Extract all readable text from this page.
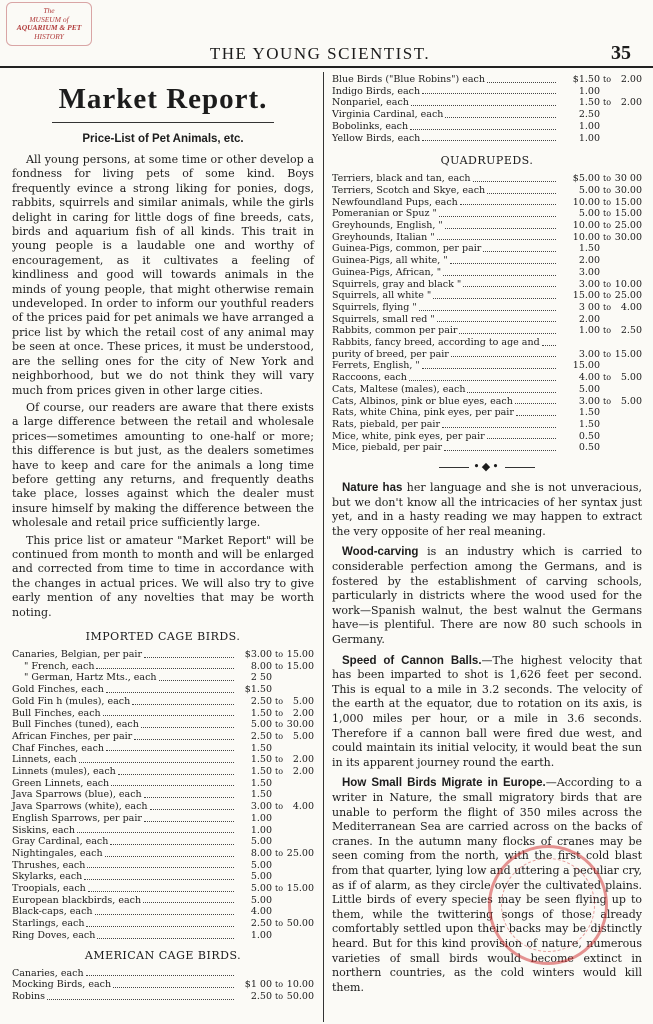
The
MUSEUM of
AQUARIUM & PET
HISTORY
THE YOUNG SCIENTIST.	35
Market Report.
Price-List of Pet Animals, etc.

All young persons, at some time or other develop a fondness for living pets of some kind. Boys frequently evince a strong liking for ponies, dogs, rabbits, squirrels and similar animals, while the girls delight in caring for little dogs of fine breeds, cats, birds and aquarium fish of all kinds. This trait in young people is a laudable one and worthy of encouragement, as it cultivates a feeling of kindliness and good will towards animals in the minds of young people, that might otherwise remain undeveloped. In order to inform our youthful readers of the prices paid for pet animals we have arranged a price list by which the retail cost of any animal may be seen at once. These prices, it must be understood, are the selling ones for the city of New York and neighborhood, but we do not think they will vary much from prices given in other large cities.

Of course, our readers are aware that there exists a large difference between the retail and wholesale prices—sometimes amounting to one-half or more; this difference is but just, as the dealers sometimes have to keep and care for the animals a long time before getting any returns, and frequently deaths take place, losses against which the dealer must insure himself by making the difference between the wholesale and retail price sufficiently large.

This price list or amateur "Market Report" will be continued from month to month and will be enlarged and corrected from time to time in accordance with the changes in actual prices. We will also try to give early mention of any novelties that may be worth noting.

IMPORTED CAGE BIRDS.
Canaries, Belgian, per pair	$3.00 to 15.00
" French, each	8.00 to 15.00
" German, Hartz Mts., each	2 50
Gold Finches, each	$1.50
Gold Fin h (mules), each	2.50 to	5.00
Bull Finches, each	1.50 to	2.00
Bull Finches (tuned), each	5.00 to 30.00
African Finches, per pair	2.50 to	5.00
Chaf Finches, each	1.50
Linnets, each	1.50 to	2.00
Linnets (mules), each	1.50 to	2.00
Green Linnets, each	1.50
Java Sparrows (blue), each	1.50
Java Sparrows (white), each	3.00 to	4.00
English Sparrows, per pair	1.00
Siskins, each	1.00
Gray Cardinal, each	5.00
Nightingales, each	8.00 to 25.00
Thrushes, each	5.00
Skylarks, each	5.00
Troopials, each	5.00 to 15.00
European blackbirds, each	5.00
Black-caps, each	4.00
Starlings, each	2.50 to 50.00
Ring Doves, each	1.00
AMERICAN CAGE BIRDS.
Canaries, each
Mocking Birds, each	$1 00 to 10.00
Robins	2.50 to 50.00
Blue Birds ("Blue Robins") each	$1.50 to	2.00
Indigo Birds, each	1.00
Nonpariel, each	1.50 to	2.00
Virginia Cardinal, each	2.50
Bobolinks, each	1.00
Yellow Birds, each	1.00
QUADRUPEDS.
Terriers, black and tan, each	$5.00 to 30 00
Terriers, Scotch and Skye, each	5.00 to 30.00
Newfoundland Pups, each	10.00 to 15.00
Pomeranian or Spuz "	5.00 to 15.00
Greyhounds, English, "	10.00 to 25.00
Greyhounds, Italian "	10.00 to 30.00
Guinea-Pigs, common, per pair	1.50
Guinea-Pigs, all white, "	2.00
Guinea-Pigs, African, "	3.00
Squirrels, gray and black "	3.00 to 10.00
Squirrels, all white "	15.00 to 25.00
Squirrels, flying "	3 00 to	4.00
Squirrels, small red "	2.00
Rabbits, common per pair	1.00 to	2.50
Rabbits, fancy breed, according to age and
purity of breed, per pair	3.00 to 15.00
Ferrets, English, "	15.00
Raccoons, each	4.00 to	5.00
Cats, Maltese (males), each	5.00
Cats, Albinos, pink or blue eyes, each	3.00 to	5.00
Rats, white China, pink eyes, per pair	1.50
Rats, piebald, per pair	1.50
Mice, white, pink eyes, per pair	0.50
Mice, piebald, per pair	0.50
•◆•

Nature has her language and she is not unveracious, but we don't know all the intricacies of her syntax just yet, and in a hasty reading we may happen to extract the very opposite of her real meaning.

Wood-carving is an industry which is carried to considerable perfection among the Germans, and is fostered by the establishment of carving schools, particularly in districts where the wood used for the work—Spanish walnut, the best walnut the Germans have—is plentiful. There are now 80 such schools in Germany.

Speed of Cannon Balls.—The highest velocity that has been imparted to shot is 1,626 feet per second. This is equal to a mile in 3.2 seconds. The velocity of the earth at the equator, due to rotation on its axis, is 1,000 miles per hour, or a mile in 3.6 seconds. Therefore if a cannon ball were fired due west, and could maintain its initial velocity, it would beat the sun in its apparent journey round the earth.

How Small Birds Migrate in Europe.—According to a writer in Nature, the small migratory birds that are unable to perform the flight of 350 miles across the Mediterranean Sea are carried across on the backs of cranes. In the autumn many flocks of cranes may be seen coming from the north, with the first cold blast from that quarter, lying low and uttering a peculiar cry, as if of alarm, as they circle over the cultivated plains. Little birds of every species may be seen flying up to them, while the twittering songs of those already comfortably settled upon their backs may be distinctly heard. But for this kind provision of nature, numerous varieties of small birds would become extinct in northern countries, as the cold winters would kill them.
